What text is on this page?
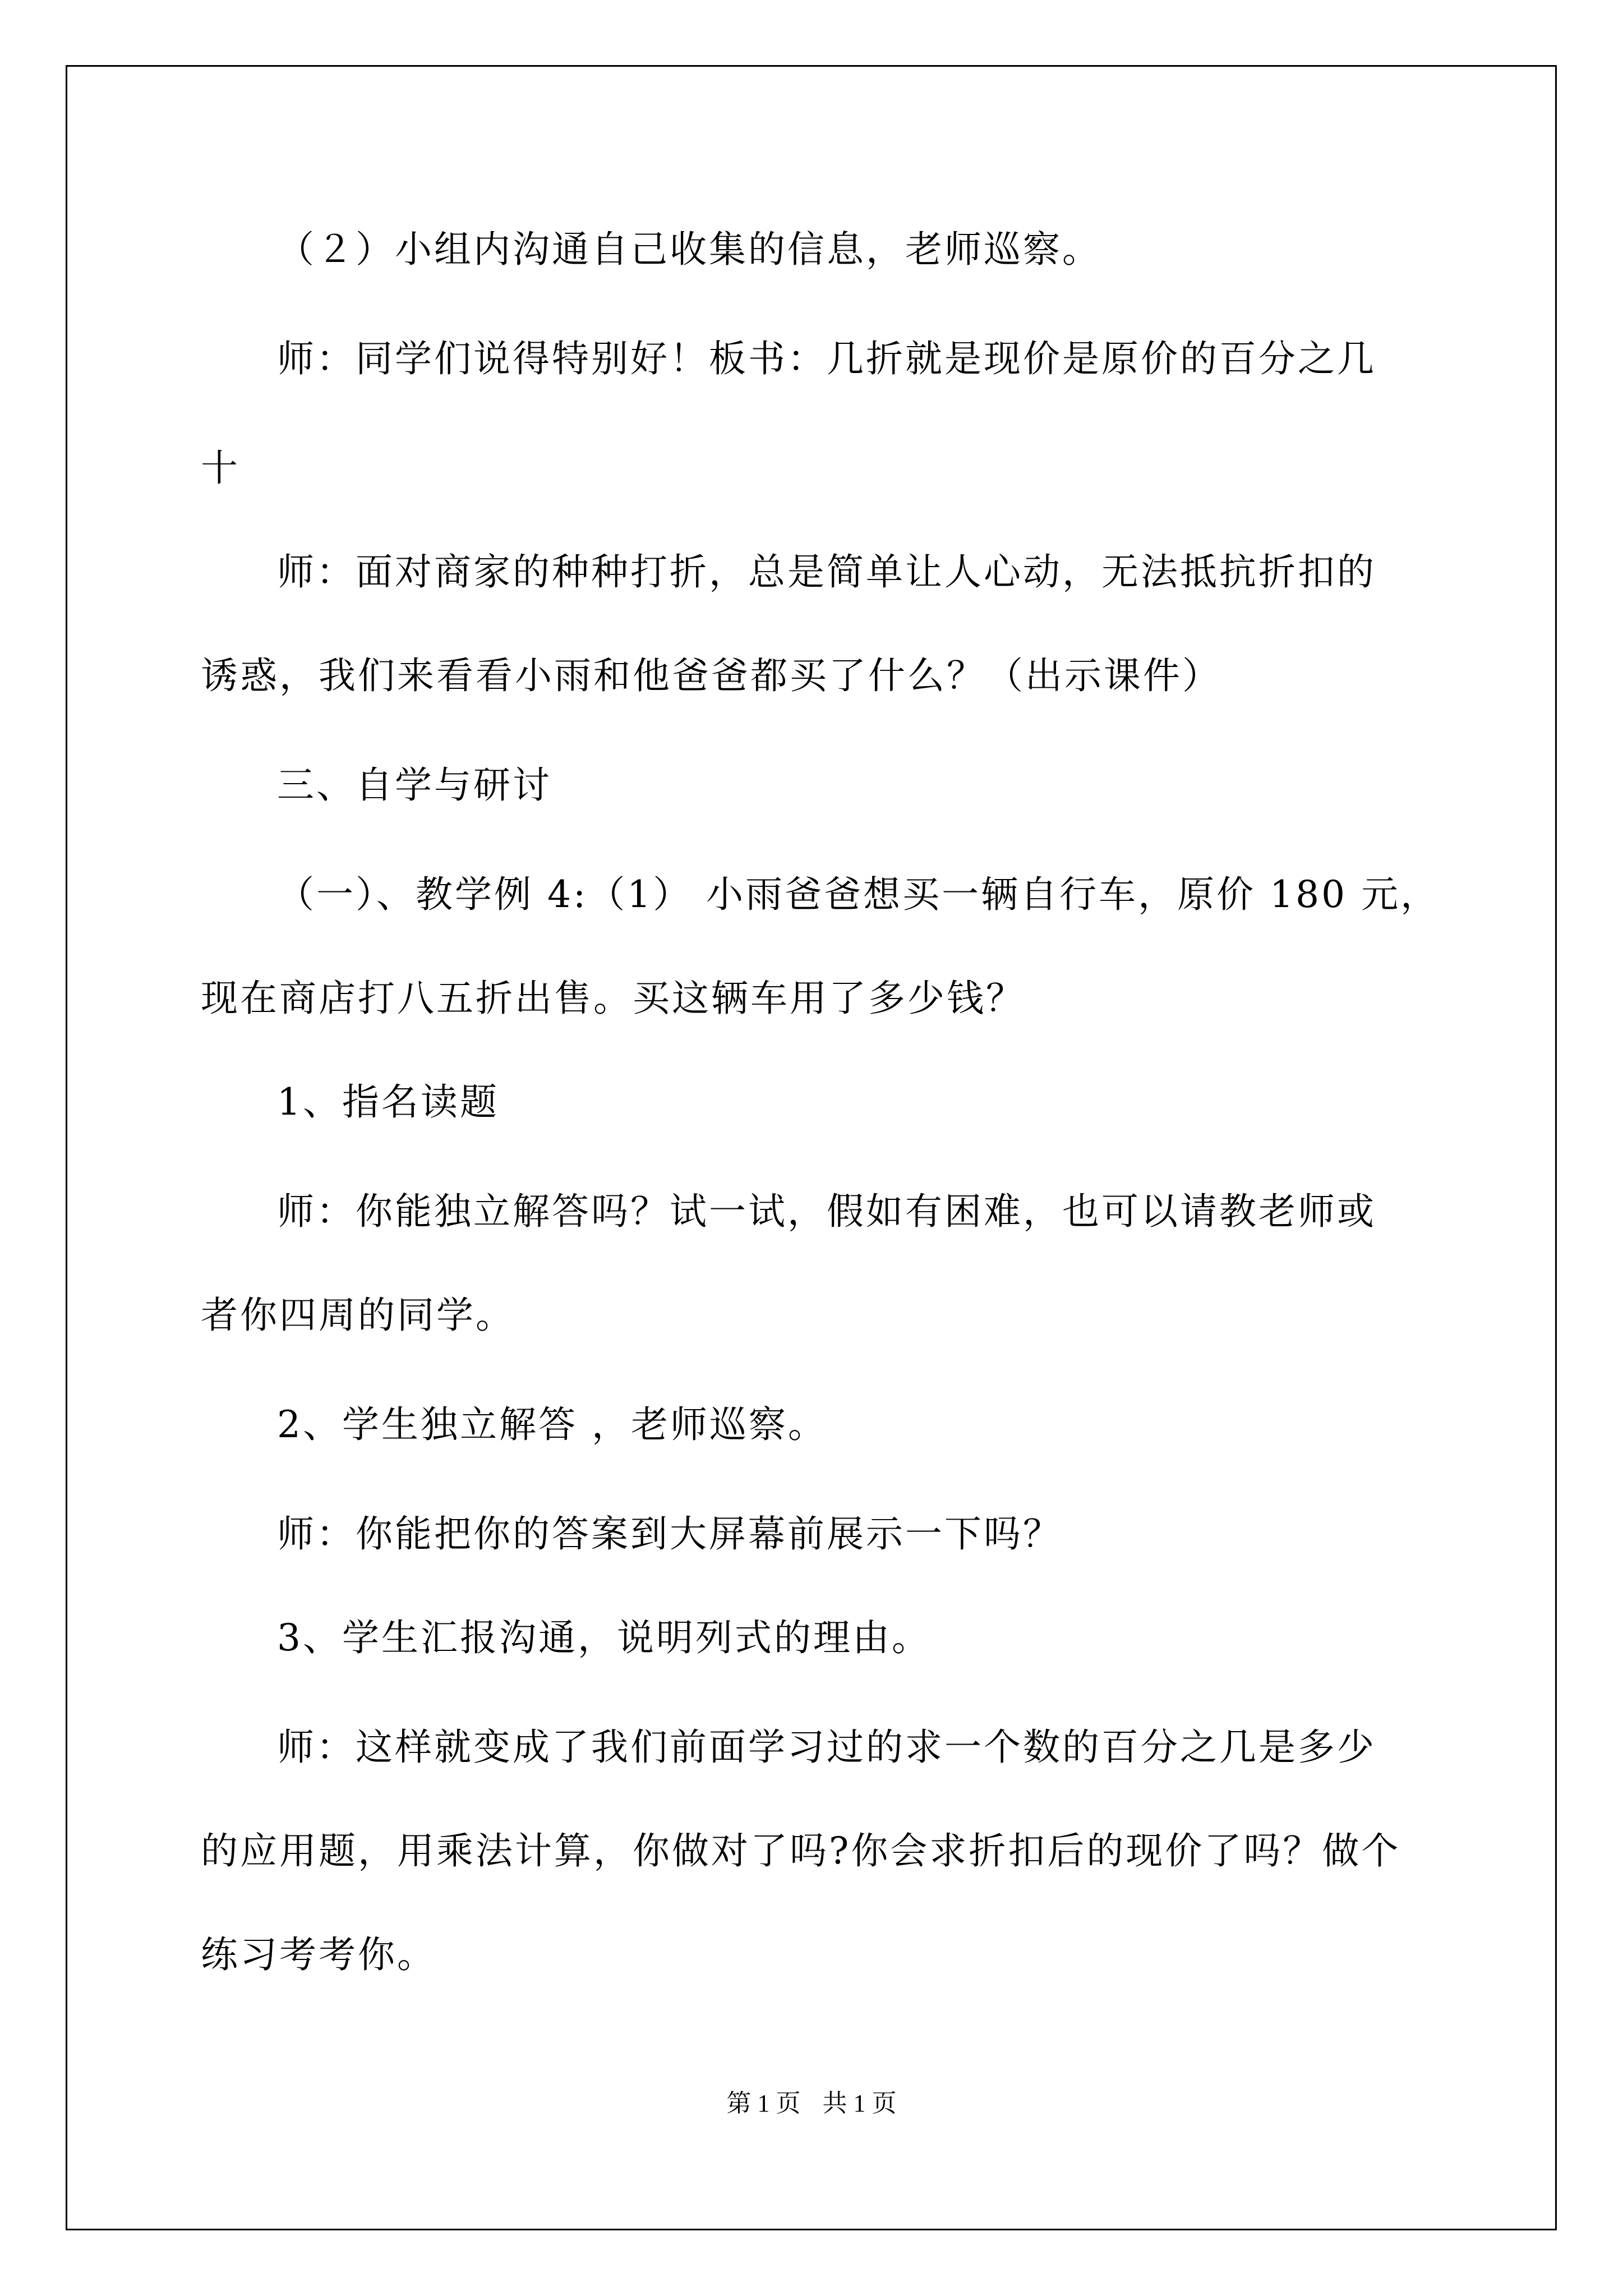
（２）小组内沟通自己收集的信息，老师巡察。
师：同学们说得特别好！板书：几折就是现价是原价的百分之几
十
师：面对商家的种种打折，总是简单让人心动，无法抵抗折扣的
诱惑，我们来看看小雨和他爸爸都买了什么？（出示课件）
三、自学与研讨
（一）、教学例 4:（1） 小雨爸爸想买一辆自行车，原价 180 元，
现在商店打八五折出售。买这辆车用了多少钱？
1、指名读题
师：你能独立解答吗？试一试，假如有困难，也可以请教老师或
者你四周的同学。
2、学生独立解答 ，老师巡察。
师：你能把你的答案到大屏幕前展示一下吗？
3、学生汇报沟通，说明列式的理由。
师：这样就变成了我们前面学习过的求一个数的百分之几是多少
的应用题，用乘法计算，你做对了吗?你会求折扣后的现价了吗？做个
练习考考你。
第 1 页 共 1 页
